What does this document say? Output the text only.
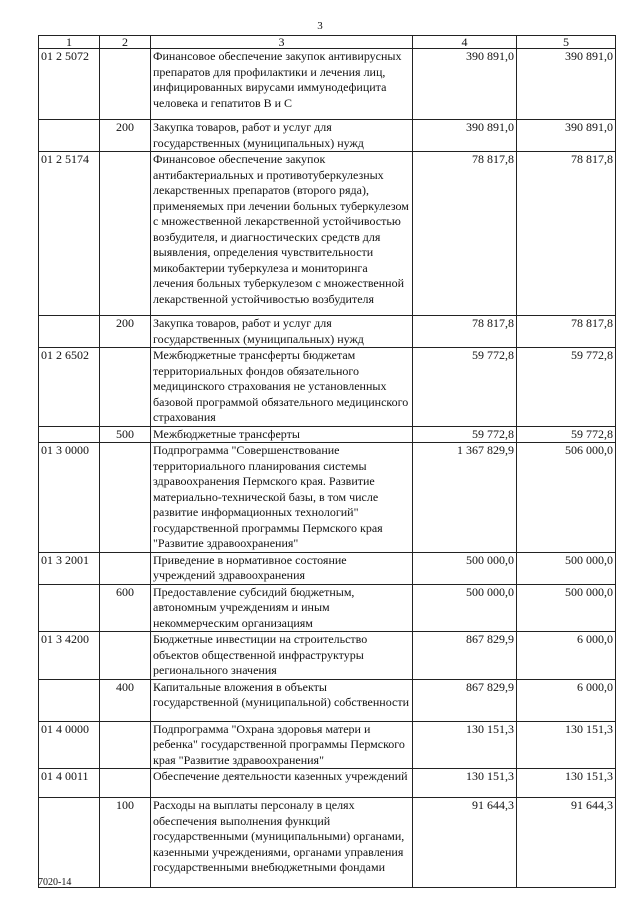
3
1	2	3	4	5
01 2 5072		Финансовое обеспечение закупок антивирусных препаратов для профилактики и лечения лиц, инфицированных вирусами иммунодефицита человека и гепатитов В и С	390 891,0	390 891,0
	200	Закупка товаров, работ и услуг для государственных (муниципальных) нужд	390 891,0	390 891,0
01 2 5174		Финансовое обеспечение закупок антибактериальных и противотуберкулезных лекарственных препаратов (второго ряда), применяемых при лечении больных туберкулезом с множественной лекарственной устойчивостью возбудителя, и диагностических средств для выявления, определения чувствительности микобактерии туберкулеза и мониторинга лечения больных туберкулезом с множественной лекарственной устойчивостью возбудителя	78 817,8	78 817,8
	200	Закупка товаров, работ и услуг для государственных (муниципальных) нужд	78 817,8	78 817,8
01 2 6502		Межбюджетные трансферты бюджетам территориальных фондов обязательного медицинского страхования не установленных базовой программой обязательного медицинского страхования	59 772,8	59 772,8
	500	Межбюджетные трансферты	59 772,8	59 772,8
01 3 0000		Подпрограмма "Совершенствование территориального планирования системы здравоохранения Пермского края. Развитие материально-технической базы, в том числе развитие информационных технологий" государственной программы Пермского края "Развитие здравоохранения"	1 367 829,9	506 000,0
01 3 2001		Приведение в нормативное состояние учреждений здравоохранения	500 000,0	500 000,0
	600	Предоставление субсидий бюджетным, автономным учреждениям и иным некоммерческим организациям	500 000,0	500 000,0
01 3 4200		Бюджетные инвестиции на строительство объектов общественной инфраструктуры регионального значения	867 829,9	6 000,0
	400	Капитальные вложения в объекты государственной (муниципальной) собственности	867 829,9	6 000,0
01 4 0000		Подпрограмма "Охрана здоровья матери и ребенка" государственной программы Пермского края "Развитие здравоохранения"	130 151,3	130 151,3
01 4 0011		Обеспечение деятельности казенных учреждений	130 151,3	130 151,3
	100	Расходы на выплаты персоналу в целях обеспечения выполнения функций государственными (муниципальными) органами, казенными учреждениями, органами управления государственными внебюджетными фондами	91 644,3	91 644,3
7020-14
